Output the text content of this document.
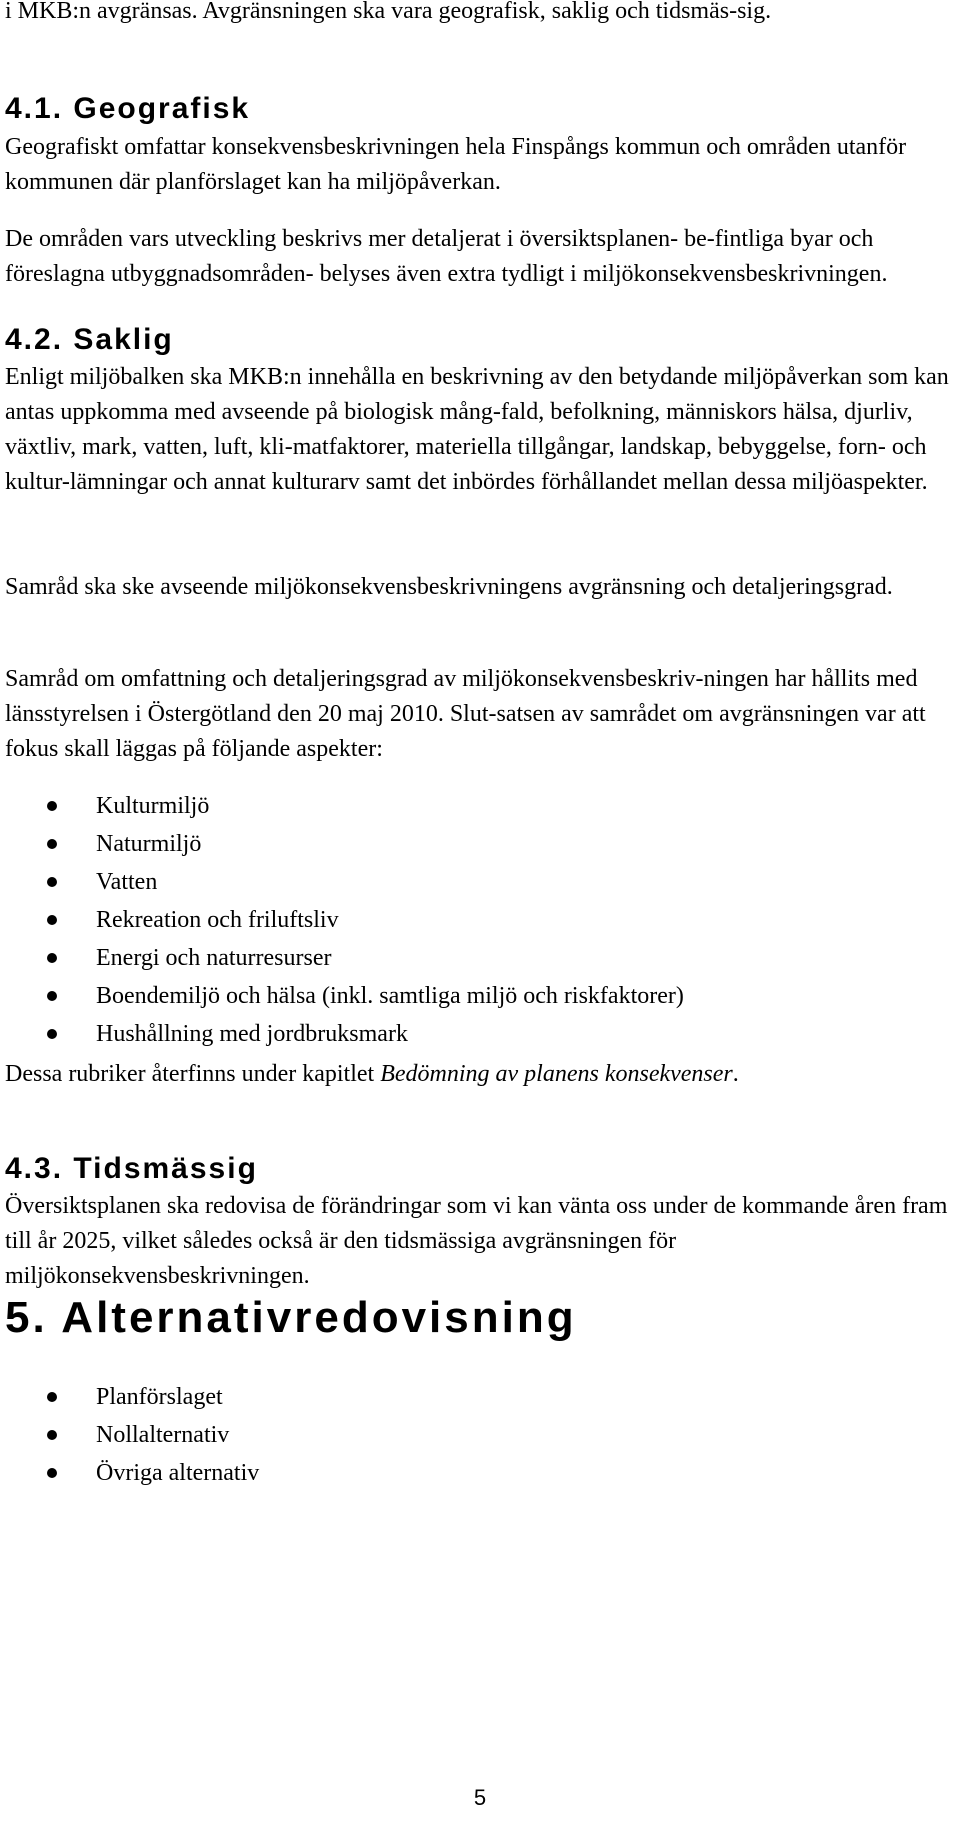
i MKB:n avgränsas. Avgränsningen ska vara geografisk, saklig och tidsmäs-sig.

4.1. Geografisk

Geografiskt omfattar konsekvensbeskrivningen hela Finspångs kommun och områden utanför kommunen där planförslaget kan ha miljöpåverkan.

De områden vars utveckling beskrivs mer detaljerat i översiktsplanen- be-fintliga byar och föreslagna utbyggnadsområden- belyses även extra tydligt i miljökonsekvensbeskrivningen.

4.2. Saklig

Enligt miljöbalken ska MKB:n innehålla en beskrivning av den betydande miljöpåverkan som kan antas uppkomma med avseende på biologisk mång-fald, befolkning, människors hälsa, djurliv, växtliv, mark, vatten, luft, kli-matfaktorer, materiella tillgångar, landskap, bebyggelse, forn- och kultur-lämningar och annat kulturarv samt det inbördes förhållandet mellan dessa miljöaspekter.

Samråd ska ske avseende miljökonsekvensbeskrivningens avgränsning och detaljeringsgrad.

Samråd om omfattning och detaljeringsgrad av miljökonsekvensbeskriv-ningen har hållits med länsstyrelsen i Östergötland den 20 maj 2010. Slut-satsen av samrådet om avgränsningen var att fokus skall läggas på följande aspekter:

Kulturmiljö
Naturmiljö
Vatten
Rekreation och friluftsliv
Energi och naturresurser
Boendemiljö och hälsa (inkl. samtliga miljö och riskfaktorer)
Hushållning med jordbruksmark

Dessa rubriker återfinns under kapitlet Bedömning av planens konsekvenser.

4.3. Tidsmässig

Översiktsplanen ska redovisa de förändringar som vi kan vänta oss under de kommande åren fram till år 2025, vilket således också är den tidsmässiga avgränsningen för miljökonsekvensbeskrivningen.

5. Alternativredovisning
Planförslaget
Nollalternativ
Övriga alternativ
5
